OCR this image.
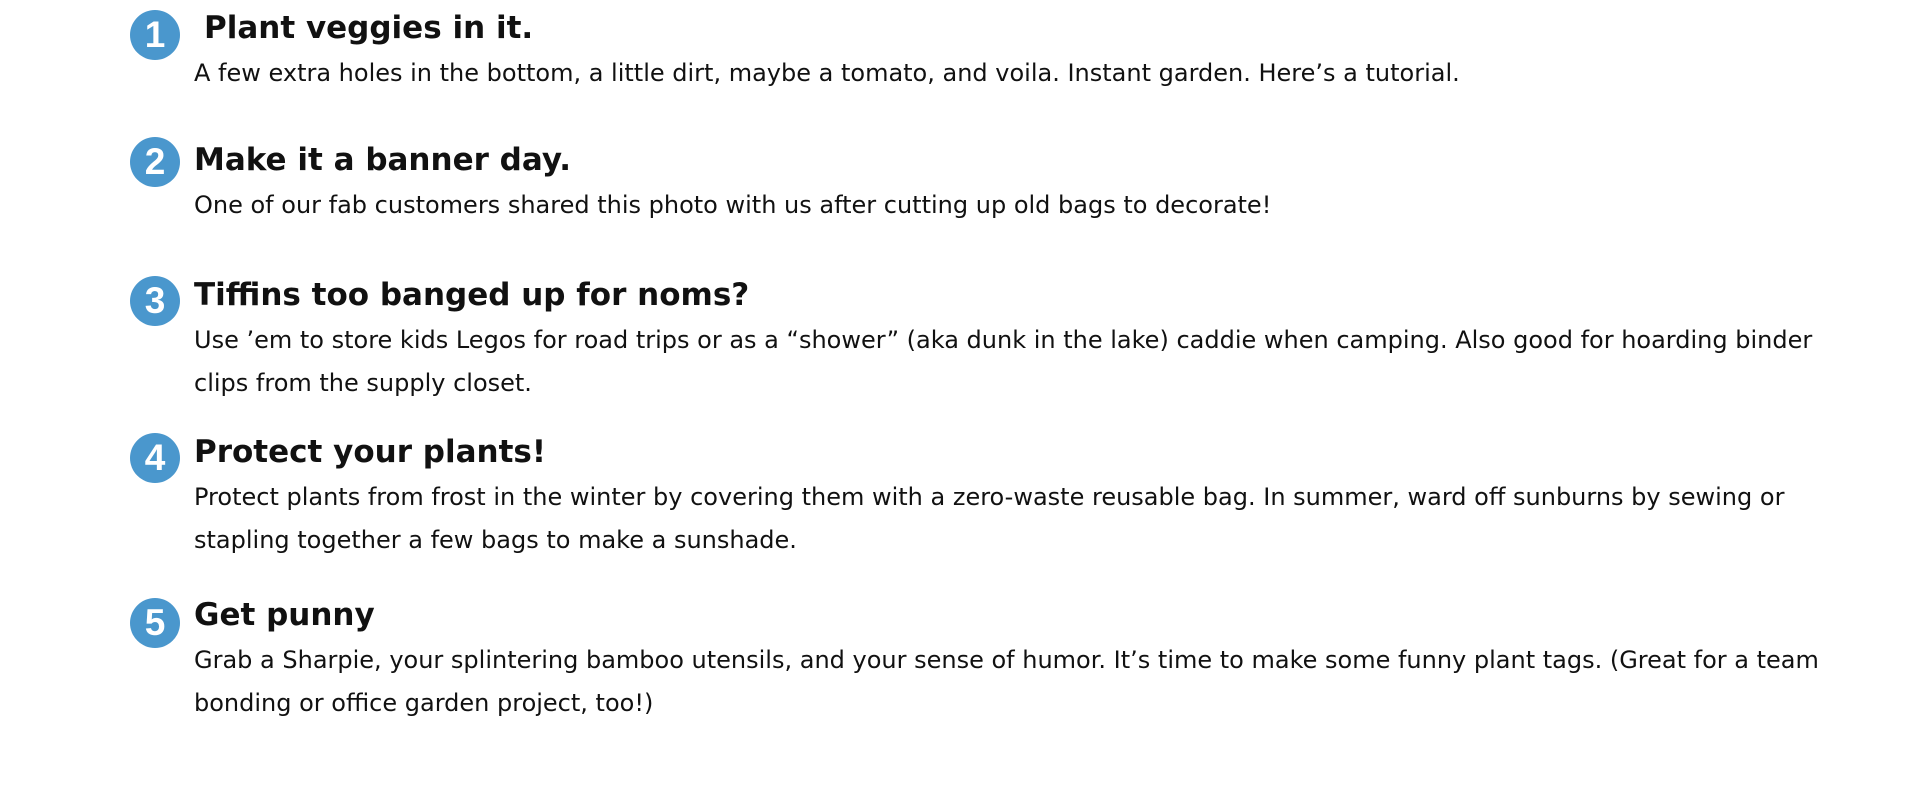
1	Plant veggies in it.

A few extra holes in the bottom, a little dirt, maybe a tomato, and voila. Instant garden. Here’s a tutorial.

2 Make it a banner day.

One of our fab customers shared this photo with us after cutting up old bags to decorate!

3 Tiffins too banged up for noms?

Use ’em to store kids Legos for road trips or as a “shower” (aka dunk in the lake) caddie when camping. Also good for hoarding binder clips from the supply closet.

4 Protect your plants!

Protect plants from frost in the winter by covering them with a zero-waste reusable bag. In summer, ward off sunburns by sewing or stapling together a few bags to make a sunshade.

5 Get punny

Grab a Sharpie, your splintering bamboo utensils, and your sense of humor. It’s time to make some funny plant tags. (Great for a team bonding or office garden project, too!)
